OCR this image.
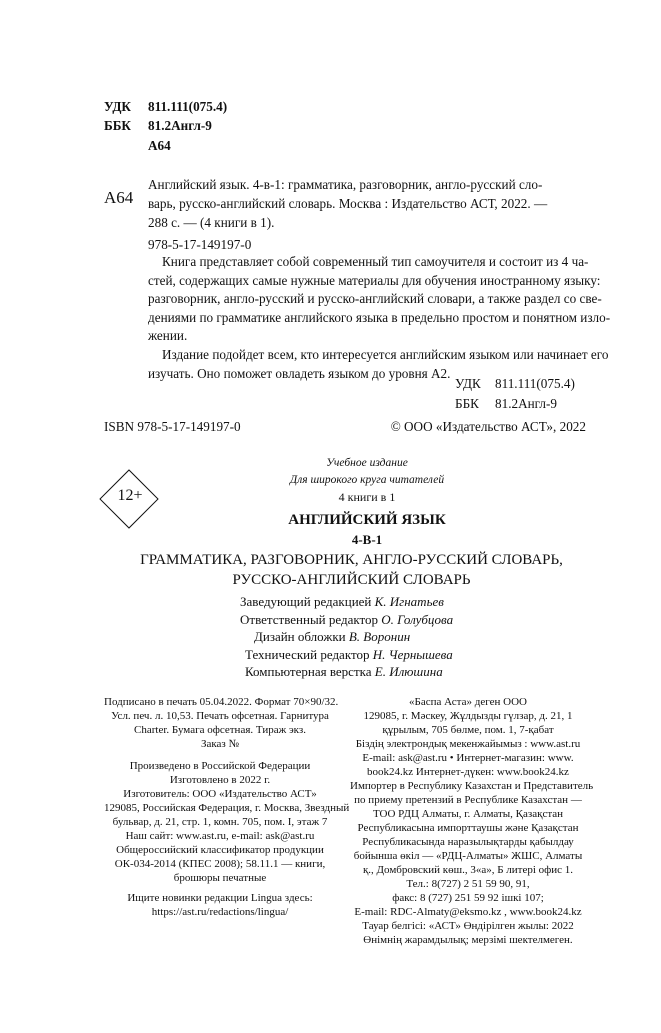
УДК 811.111(075.4)
ББК 81.2Англ-9
А64
А64
Английский язык. 4-в-1: грамматика, разговорник, англо-русский сло-
варь, русско-английский словарь. Москва : Издательство АСТ, 2022. —
288 с. — (4 книги в 1).
978-5-17-149197-0
Книга представляет собой современный тип самоучителя и состоит из 4 ча-
стей, содержащих самые нужные материалы для обучения иностранному языку:
разговорник, англо-русский и русско-английский словари, а также раздел со све-
дениями по грамматике английского языка в предельно простом и понятном изло-
жении.
Издание подойдет всем, кто интересуется английским языком или начинает его
изучать. Оно поможет овладеть языком до уровня А2.
УДК 811.111(075.4)
ББК 81.2Англ-9
ISBN 978-5-17-149197-0	© ООО «Издательство АСТ», 2022
12+
Учебное издание
Для широкого круга читателей
4 книги в 1
АНГЛИЙСКИЙ ЯЗЫК
4-В-1
ГРАММАТИКА, РАЗГОВОРНИК, АНГЛО-РУССКИЙ СЛОВАРЬ,
РУССКО-АНГЛИЙСКИЙ СЛОВАРЬ
Заведующий редакцией К. Игнатьев
Ответственный редактор О. Голубцова
Дизайн обложки В. Воронин
Технический редактор Н. Чернышева
Компьютерная верстка Е. Илюшина
Подписано в печать 05.04.2022. Формат 70×90/32.
Усл. печ. л. 10,53. Печать офсетная. Гарнитура
Charter. Бумага офсетная. Тираж экз.
Заказ №
Произведено в Российской Федерации
Изготовлено в 2022 г.
Изготовитель: ООО «Издательство АСТ»
129085, Российская Федерация, г. Москва, Звездный
бульвар, д. 21, стр. 1, комн. 705, пом. I, этаж 7
Наш сайт: www.ast.ru, e-mail: ask@ast.ru
Общероссийский классификатор продукции
ОК-034-2014 (КПЕС 2008); 58.11.1 — книги,
брошюры печатные
Ищите новинки редакции Lingua здесь:
https://ast.ru/redactions/lingua/
«Баспа Аста» деген ООО
129085, г. Мәскеу, Жұлдызды гүлзар, д. 21, 1
құрылым, 705 бөлме, пом. 1, 7-қабат
Біздің электрондық мекенжайымыз : www.ast.ru
E-mail: ask@ast.ru • Интернет-магазин: www.
book24.kz Интернет-дүкен: www.book24.kz
Импортер в Республику Казахстан и Представитель
по приему претензий в Республике Казахстан —
ТОО РДЦ Алматы, г. Алматы, Қазақстан
Республикасына импорттаушы және Қазақстан
Республикасында наразылықтарды қабылдау
бойынша өкіл — «РДЦ-Алматы» ЖШС, Алматы
қ., Домбровский көш., 3«а», Б литері офис 1.
Тел.: 8(727) 2 51 59 90, 91,
факс: 8 (727) 251 59 92 ішкі 107;
E-mail: RDC-Almaty@eksmo.kz , www.book24.kz
Тауар белгісі: «АСТ» Өндірілген жылы: 2022
Өнімнің жарамдылық; мерзімі шектелмеген.
